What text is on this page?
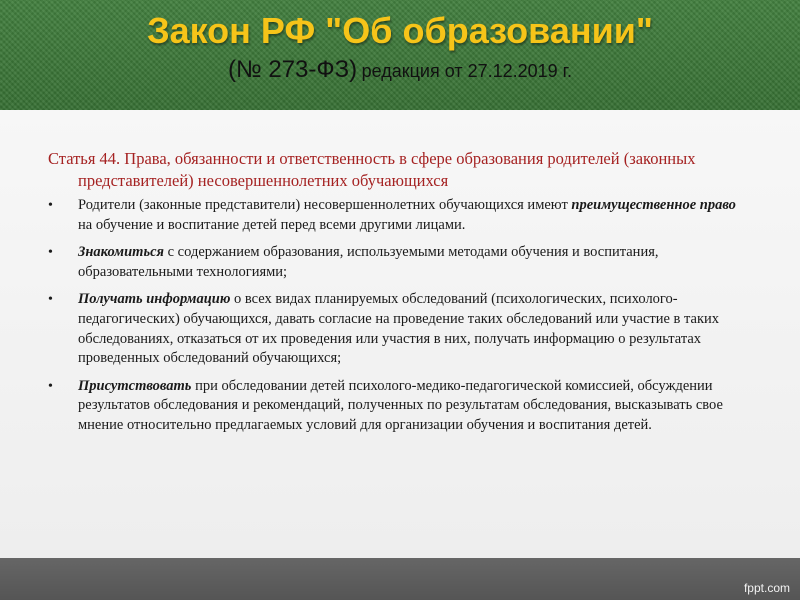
Закон РФ "Об образовании"
(№ 273-ФЗ) редакция от 27.12.2019 г.
Статья 44. Права, обязанности и ответственность в сфере образования родителей (законных представителей) несовершеннолетних обучающихся
• Родители (законные представители) несовершеннолетних обучающихся имеют преимущественное право на обучение и воспитание детей перед всеми другими лицами.
• Знакомиться с содержанием образования, используемыми методами обучения и воспитания, образовательными технологиями;
• Получать информацию о всех видах планируемых обследований (психологических, психолого-педагогических) обучающихся, давать согласие на проведение таких обследований или участие в таких обследованиях, отказаться от их проведения или участия в них, получать информацию о результатах проведенных обследований обучающихся;
• Присутствовать при обследовании детей психолого-медико-педагогической комиссией, обсуждении результатов обследования и рекомендаций, полученных по результатам обследования, высказывать свое мнение относительно предлагаемых условий для организации обучения и воспитания детей.
fppt.com
